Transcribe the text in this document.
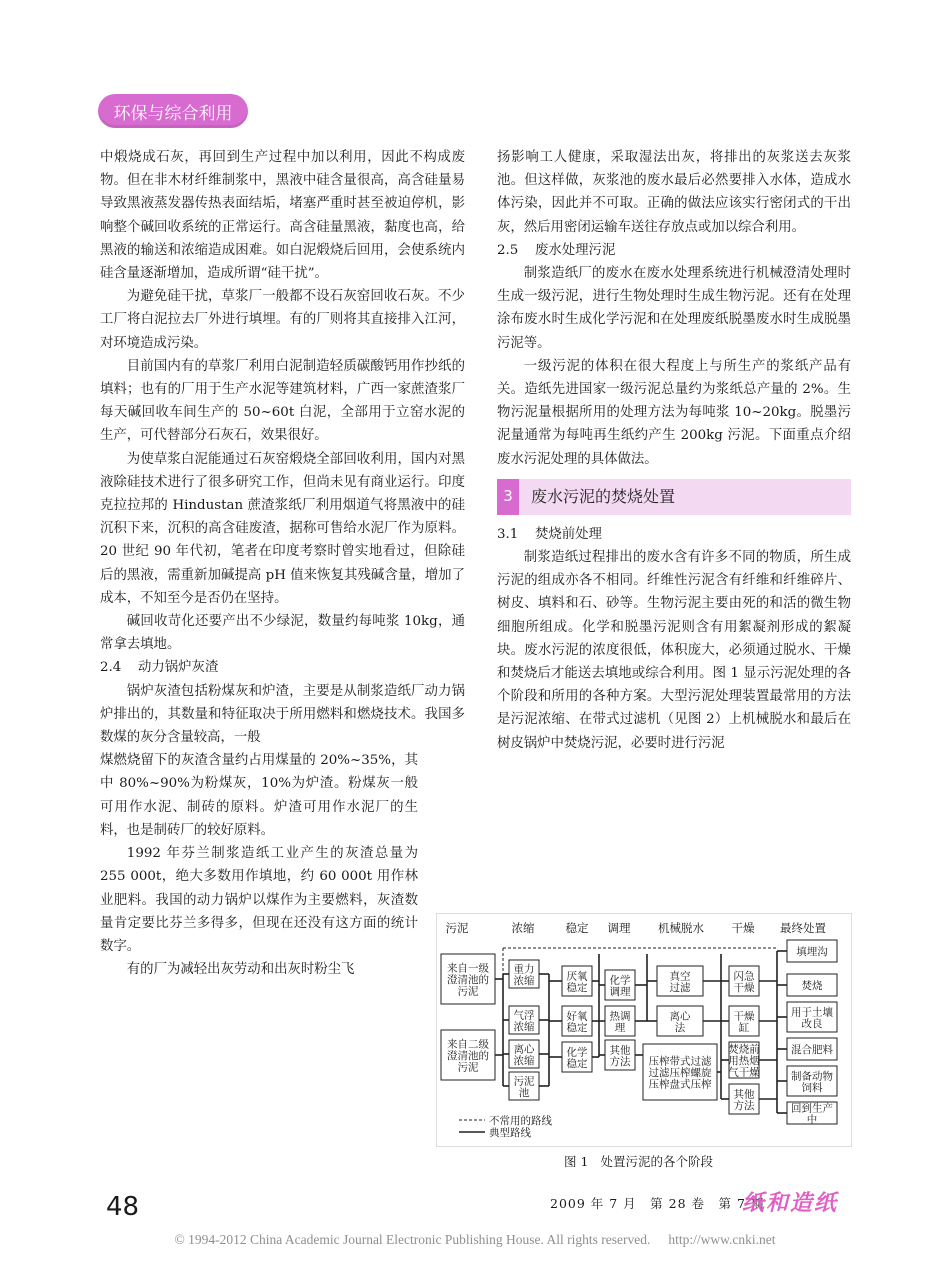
环保与综合利用

中煅烧成石灰，再回到生产过程中加以利用，因此不构成废物。但在非木材纤维制浆中，黑液中硅含量很高，高含硅量易导致黑液蒸发器传热表面结垢，堵塞严重时甚至被迫停机，影响整个碱回收系统的正常运行。高含硅量黑液，黏度也高，给黑液的输送和浓缩造成困难。如白泥煅烧后回用，会使系统内硅含量逐渐增加，造成所谓“硅干扰”。

为避免硅干扰，草浆厂一般都不设石灰窑回收石灰。不少工厂将白泥拉去厂外进行填埋。有的厂则将其直接排入江河，对环境造成污染。

目前国内有的草浆厂利用白泥制造轻质碳酸钙用作抄纸的填料；也有的厂用于生产水泥等建筑材料，广西一家蔗渣浆厂每天碱回收车间生产的 50~60t 白泥，全部用于立窑水泥的生产，可代替部分石灰石，效果很好。

为使草浆白泥能通过石灰窑煅烧全部回收利用，国内对黑液除硅技术进行了很多研究工作，但尚未见有商业运行。印度克拉拉邦的 Hindustan 蔗渣浆纸厂利用烟道气将黑液中的硅沉积下来，沉积的高含硅废渣，据称可售给水泥厂作为原料。20 世纪 90 年代初，笔者在印度考察时曾实地看过，但除硅后的黑液，需重新加碱提高 pH 值来恢复其残碱含量，增加了成本，不知至今是否仍在坚持。

碱回收苛化还要产出不少绿泥，数量约每吨浆 10kg，通常拿去填地。

2.4 动力锅炉灰渣

锅炉灰渣包括粉煤灰和炉渣，主要是从制浆造纸厂动力锅炉排出的，其数量和特征取决于所用燃料和燃烧技术。我国多数煤的灰分含量较高，一般

煤燃烧留下的灰渣含量约占用煤量的 20%~35%，其中 80%~90%为粉煤灰，10%为炉渣。粉煤灰一般可用作水泥、制砖的原料。炉渣可用作水泥厂的生料，也是制砖厂的较好原料。

1992 年芬兰制浆造纸工业产生的灰渣总量为 255 000t，绝大多数用作填地，约 60 000t 用作林业肥料。我国的动力锅炉以煤作为主要燃料，灰渣数量肯定要比芬兰多得多，但现在还没有这方面的统计数字。

有的厂为减轻出灰劳动和出灰时粉尘飞

扬影响工人健康，采取湿法出灰，将排出的灰浆送去灰浆池。但这样做，灰浆池的废水最后必然要排入水体，造成水体污染，因此并不可取。正确的做法应该实行密闭式的干出灰，然后用密闭运输车送往存放点或加以综合利用。

2.5 废水处理污泥

制浆造纸厂的废水在废水处理系统进行机械澄清处理时生成一级污泥，进行生物处理时生成生物污泥。还有在处理涂布废水时生成化学污泥和在处理废纸脱墨废水时生成脱墨污泥等。

一级污泥的体积在很大程度上与所生产的浆纸产品有关。造纸先进国家一级污泥总量约为浆纸总产量的 2%。生物污泥量根据所用的处理方法为每吨浆 10~20kg。脱墨污泥量通常为每吨再生纸约产生 200kg 污泥。下面重点介绍废水污泥处理的具体做法。

3	废水污泥的焚烧处置
3.1 焚烧前处理

制浆造纸过程排出的废水含有许多不同的物质，所生成污泥的组成亦各不相同。纤维性污泥含有纤维和纤维碎片、树皮、填料和石、砂等。生物污泥主要由死的和活的微生物细胞所组成。化学和脱墨污泥则含有用絮凝剂形成的絮凝块。废水污泥的浓度很低，体积庞大，必须通过脱水、干燥和焚烧后才能送去填地或综合利用。图 1 显示污泥处理的各个阶段和所用的各种方案。大型污泥处理装置最常用的方法是污泥浓缩、在带式过滤机（见图 2）上机械脱水和最后在树皮锅炉中焚烧污泥，必要时进行污泥

污泥	浓缩	稳定 调理 机械脱水 干燥 最终处置
来自一级澄清池的污泥
来自二级澄清池的污泥
重力浓缩
气浮浓缩
离心浓缩
污泥池
厌氧稳定
好氧稳定
化学稳定
化学调理
热调理
其他方法
真空过滤
离心法
压榨带式过滤过滤压榨螺旋压榨盘式压榨
闪急干燥
干燥缸
焚烧前用热烟气干燥
其他方法
填埋沟
焚烧
用于土壤改良
混合肥料
制备动物饲料
回到生产中
不常用的路线
典型路线
图 1 处置污泥的各个阶段
48	2009 年 7 月　第 28 卷　第 7 期
纸和造纸
© 1994-2012 China Academic Journal Electronic Publishing House. All rights reserved. http://www.cnki.net
